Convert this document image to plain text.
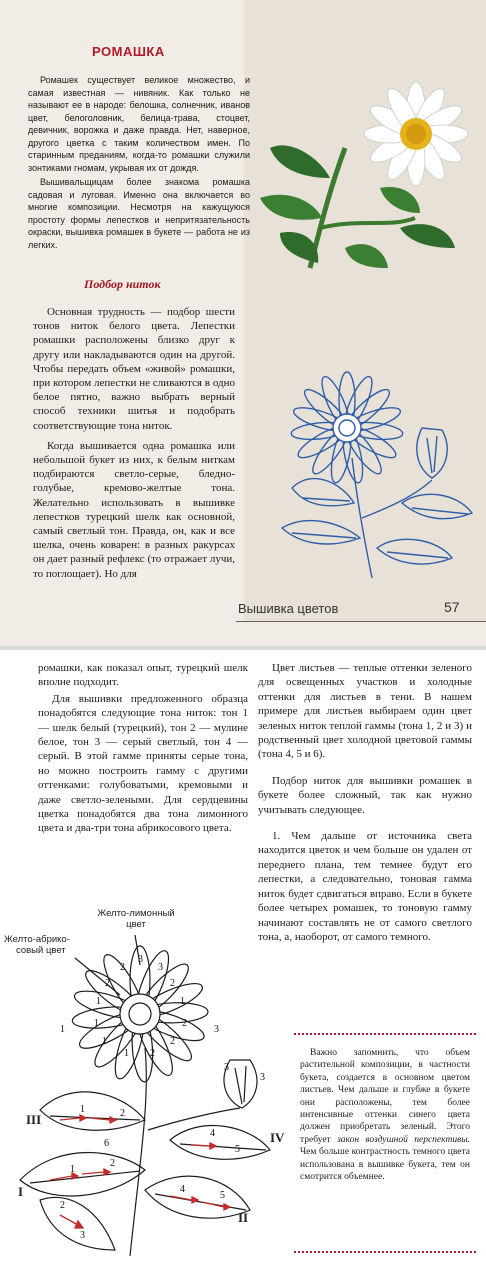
РОМАШКА

Ромашек существует великое множество, и самая известная — нивяник. Как только не называют ее в народе: белошка, солнечник, иванов цвет, белоголовник, белица-трава, стоцвет, девичник, ворожка и даже правда. Нет, наверное, другого цветка с таким количеством имен. По старинным преданиям, когда-то ромашки служили зонтиками гномам, укрывая их от дождя.

Вышивальщицам более знакома ромашка садовая и луговая. Именно она включается во многие композиции. Несмотря на кажущуюся простоту формы лепестков и непритязательность окраски, вышивка ромашек в букете — работа не из легких.

Подбор ниток

Основная трудность — подбор шести тонов ниток белого цвета. Лепестки ромашки расположены близко друг к другу или накладываются один на другой. Чтобы передать объем «живой» ромашки, при котором лепестки не сливаются в одно белое пятно, важно выбрать верный способ техники шитья и подобрать соответствующие тона ниток.

Когда вышивается одна ромашка или небольшой букет из них, к белым ниткам подбираются светло-серые, бледно-голубые, кремово-желтые тона. Желательно использовать в вышивке лепестков турецкий шелк как основной, самый светлый тон. Правда, он, как и все шелка, очень коварен: в разных ракурсах он дает разный рефлекс (то отражает лучи, то поглощает). Но для

Вышивка цветов	57

ромашки, как показал опыт, турецкий шелк вполне подходит.

Для вышивки предложенного образца понадобятся следующие тона ниток: тон 1 — шелк белый (турецкий), тон 2 — мулине белое, тон 3 — серый светлый, тон 4 — серый. В этой гамме приняты серые тона, но можно построить гамму с другими оттенками: голубоватыми, кремовыми и даже светло-зелеными. Для сердцевины цветка понадобятся два тона лимонного цвета и два-три тона абрикосового цвета.

Цвет листьев — теплые оттенки зеленого для освещенных участков и холодные оттенки для листьев в тени. В нашем примере для листьев выбираем один цвет зеленых ниток теплой гаммы (тона 1, 2 и 3) и родственный цвет холодной цветовой гаммы (тона 4, 5 и 6).

Подбор ниток для вышивки ромашек в букете более сложный, так как нужно учитывать следующее.

1. Чем дальше от источника света находится цветок и чем больше он удален от переднего плана, тем темнее будут его лепестки, а следовательно, тоновая гамма ниток будет сдвигаться вправо. Если в букете более четырех ромашек, то тоновую гамму начинают составлять не от самого светлого тона, а, наоборот, от самого темного.

Желто-лимонный
цвет
Желто-абрико-
совый цвет
3
2	3
2	2
1	1
1	2
1	2
1 2
1	3
3
3
1	2
4
5
6
1
2
4
5
2
3
III
IV
I
II

Важно запомнить, что объем растительной композиции, в частности букета, создается в основном цветом листьев. Чем дальше и глубже в букете они расположены, тем более интенсивные оттенки синего цвета должен приобретать зеленый. Этого требует закон воздушной перспективы. Чем больше контрастность темного цвета использована в вышивке букета, тем он смотрится объемнее.
